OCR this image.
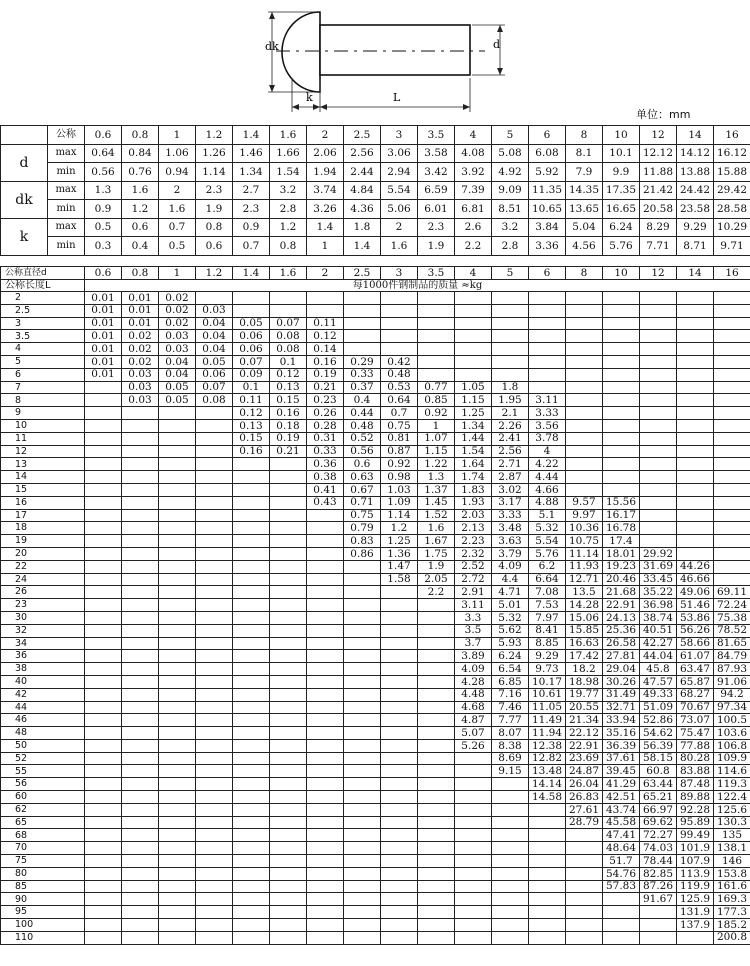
dk	d
k	L
单位：mm
	公称	0.6	0.8	1	1.2	1.4	1.6	2	2.5	3	3.5	4	5	6	8	10	12	14	16
d	max	0.64	0.84	1.06	1.26	1.46	1.66	2.06	2.56	3.06	3.58	4.08	5.08	6.08	8.1	10.1	12.12	14.12	16.12
	min	0.56	0.76	0.94	1.14	1.34	1.54	1.94	2.44	2.94	3.42	3.92	4.92	5.92	7.9	9.9	11.88	13.88	15.88
dk	max	1.3	1.6	2	2.3	2.7	3.2	3.74	4.84	5.54	6.59	7.39	9.09	11.35	14.35	17.35	21.42	24.42	29.42
	min	0.9	1.2	1.6	1.9	2.3	2.8	3.26	4.36	5.06	6.01	6.81	8.51	10.65	13.65	16.65	20.58	23.58	28.58
k	max	0.5	0.6	0.7	0.8	0.9	1.2	1.4	1.8	2	2.3	2.6	3.2	3.84	5.04	6.24	8.29	9.29	10.29
	min	0.3	0.4	0.5	0.6	0.7	0.8	1	1.4	1.6	1.9	2.2	2.8	3.36	4.56	5.76	7.71	8.71	9.71
公称直径d	0.6	0.8	1	1.2	1.4	1.6	2	2.5	3	3.5	4	5	6	8	10	12	14	16
公称长度L	每1000件钢制品的质量 ≈kg																	
2	0.01	0.01	0.02															
2.5	0.01	0.01	0.02	0.03														
3	0.01	0.01	0.02	0.04	0.05	0.07	0.11											
3.5	0.01	0.02	0.03	0.04	0.06	0.08	0.12											
4	0.01	0.02	0.03	0.04	0.06	0.08	0.14											
5	0.01	0.02	0.04	0.05	0.07	0.1	0.16	0.29	0.42									
6	0.01	0.03	0.04	0.06	0.09	0.12	0.19	0.33	0.48									
7		0.03	0.05	0.07	0.1	0.13	0.21	0.37	0.53	0.77	1.05	1.8						
8		0.03	0.05	0.08	0.11	0.15	0.23	0.4	0.64	0.85	1.15	1.95	3.11					
9					0.12	0.16	0.26	0.44	0.7	0.92	1.25	2.1	3.33					
10					0.13	0.18	0.28	0.48	0.75	1	1.34	2.26	3.56					
11					0.15	0.19	0.31	0.52	0.81	1.07	1.44	2.41	3.78					
12					0.16	0.21	0.33	0.56	0.87	1.15	1.54	2.56	4					
13							0.36	0.6	0.92	1.22	1.64	2.71	4.22					
14							0.38	0.63	0.98	1.3	1.74	2.87	4.44					
15							0.41	0.67	1.03	1.37	1.83	3.02	4.66					
16							0.43	0.71	1.09	1.45	1.93	3.17	4.88	9.57	15.56			
17								0.75	1.14	1.52	2.03	3.33	5.1	9.97	16.17			
18								0.79	1.2	1.6	2.13	3.48	5.32	10.36	16.78			
19								0.83	1.25	1.67	2.23	3.63	5.54	10.75	17.4			
20								0.86	1.36	1.75	2.32	3.79	5.76	11.14	18.01	29.92		
22									1.47	1.9	2.52	4.09	6.2	11.93	19.23	31.69	44.26	
24									1.58	2.05	2.72	4.4	6.64	12.71	20.46	33.45	46.66	
26										2.2	2.91	4.71	7.08	13.5	21.68	35.22	49.06	69.11
23											3.11	5.01	7.53	14.28	22.91	36.98	51.46	72.24
30											3.3	5.32	7.97	15.06	24.13	38.74	53.86	75.38
32											3.5	5.62	8.41	15.85	25.36	40.51	56.26	78.52
34											3.7	5.93	8.85	16.63	26.58	42.27	58.66	81.65
36											3.89	6.24	9.29	17.42	27.81	44.04	61.07	84.79
38											4.09	6.54	9.73	18.2	29.04	45.8	63.47	87.93
40											4.28	6.85	10.17	18.98	30.26	47.57	65.87	91.06
42											4.48	7.16	10.61	19.77	31.49	49.33	68.27	94.2
44											4.68	7.46	11.05	20.55	32.71	51.09	70.67	97.34
46											4.87	7.77	11.49	21.34	33.94	52.86	73.07	100.5
48											5.07	8.07	11.94	22.12	35.16	54.62	75.47	103.6
50											5.26	8.38	12.38	22.91	36.39	56.39	77.88	106.8
52												8.69	12.82	23.69	37.61	58.15	80.28	109.9
55												9.15	13.48	24.87	39.45	60.8	83.88	114.6
56													14.14	26.04	41.29	63.44	87.48	119.3
60													14.58	26.83	42.51	65.21	89.88	122.4
62														27.61	43.74	66.97	92.28	125.6
65														28.79	45.58	69.62	95.89	130.3
68															47.41	72.27	99.49	135
70															48.64	74.03	101.9	138.1
75															51.7	78.44	107.9	146
80															54.76	82.85	113.9	153.8
85															57.83	87.26	119.9	161.6
90																91.67	125.9	169.3
95																	131.9	177.3
100																	137.9	185.2
110																		200.8
